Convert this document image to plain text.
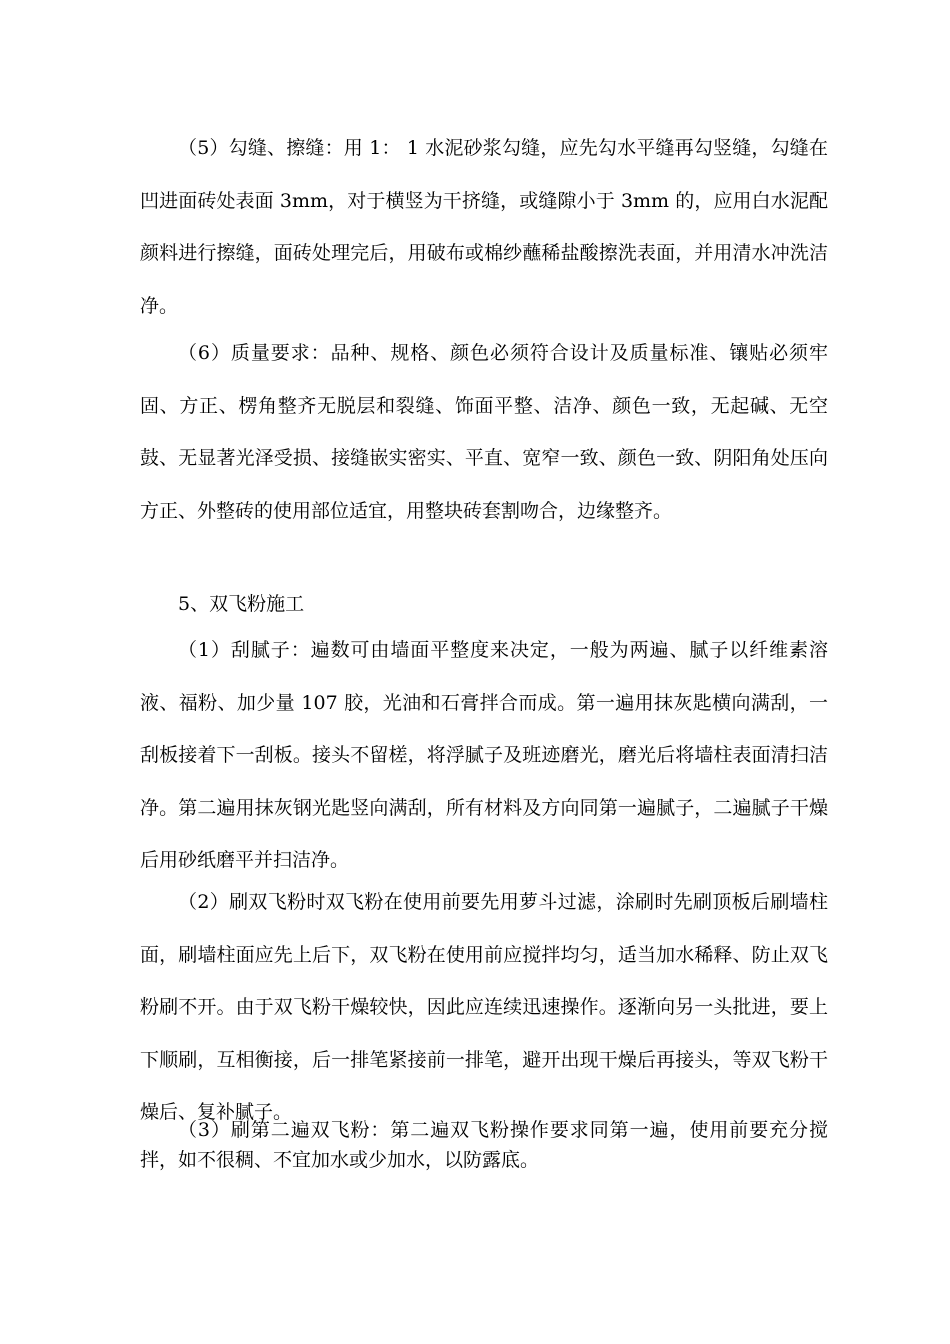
（5）勾缝、擦缝：用 1： 1 水泥砂浆勾缝，应先勾水平缝再勾竖缝，勾缝在凹进面砖处表面 3mm，对于横竖为干挤缝，或缝隙小于 3mm 的，应用白水泥配颜料进行擦缝，面砖处理完后，用破布或棉纱蘸稀盐酸擦洗表面，并用清水冲洗洁净。

（6）质量要求：品种、规格、颜色必须符合设计及质量标准、镶贴必须牢固、方正、楞角整齐无脱层和裂缝、饰面平整、洁净、颜色一致，无起碱、无空鼓、无显著光泽受损、接缝嵌实密实、平直、宽窄一致、颜色一致、阴阳角处压向方正、外整砖的使用部位适宜，用整块砖套割吻合，边缘整齐。

5、双飞粉施工

（1）刮腻子：遍数可由墙面平整度来决定，一般为两遍、腻子以纤维素溶液、福粉、加少量 107 胶，光油和石膏拌合而成。第一遍用抹灰匙横向满刮，一刮板接着下一刮板。接头不留槎，将浮腻子及班迹磨光，磨光后将墙柱表面清扫洁净。第二遍用抹灰钢光匙竖向满刮，所有材料及方向同第一遍腻子，二遍腻子干燥后用砂纸磨平并扫洁净。

（2）刷双飞粉时双飞粉在使用前要先用萝斗过滤，涂刷时先刷顶板后刷墙柱面，刷墙柱面应先上后下，双飞粉在使用前应搅拌均匀，适当加水稀释、防止双飞粉刷不开。由于双飞粉干燥较快，因此应连续迅速操作。逐渐向另一头批进，要上下顺刷，互相衡接，后一排笔紧接前一排笔，避开出现干燥后再接头，等双飞粉干燥后、复补腻子。

（3）刷第二遍双飞粉：第二遍双飞粉操作要求同第一遍，使用前要充分搅拌，如不很稠、不宜加水或少加水，以防露底。
